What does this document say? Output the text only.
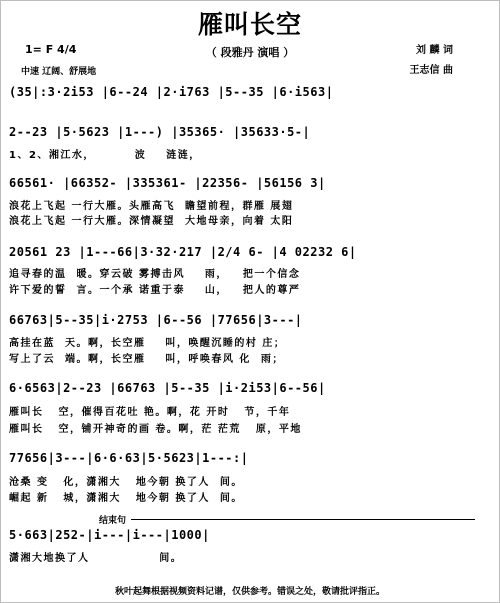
雁叫长空
（ 段雅丹 演唱 ）
1= F 4/4
中速 辽阔、舒展地
刘 麟 词
王志信 曲
(35|:3·2i53 |6--24 |2·i763 |5--35 |6·i563|
2--23 |5·5623 |1---) |35365· |35633·5-|
1、2、湘江水，        波    涟涟，
66561· |66352- |335361- |22356- |56156 3|
浪花上飞起 一行大雁。头雁高飞  瞻望前程，群雁 展翅
浪花上飞起 一行大雁。深情凝望  大地母亲，向着 太阳
20561 23 |1---66|3·32·217 |2/4 6- |4 02232 6|
追寻春的温  暖。穿云破 雾搏击风    雨，   把一个信念
许下爱的誓  言。一个承 诺重于泰    山，   把人的尊严
66763|5--35|i·2753 |6--56 |77656|3---|
高挂在蓝  天。啊，长空雁    叫，唤醒沉睡的村 庄；
写上了云  端。啊，长空雁    叫，呼唤春风 化  雨；
6·6563|2--23 |66763 |5--35 |i·2i53|6--56|
雁叫长   空，催得百花吐 艳。啊，花 开时   节，千年
雁叫长   空，铺开神奇的画 卷。啊，茫 茫荒   原，平地
77656|3---|6·6·63|5·5623|1---:|
沧桑 变   化，潇湘大   地今朝 换了人  间。
崛起 新   城，潇湘大   地今朝 换了人  间。
结束句
5·663|252-|i---|i---|1000|
潇湘大地换了人              间。
秋叶起舞根据视频资料记谱，仅供参考。错误之处，敬请批评指正。
